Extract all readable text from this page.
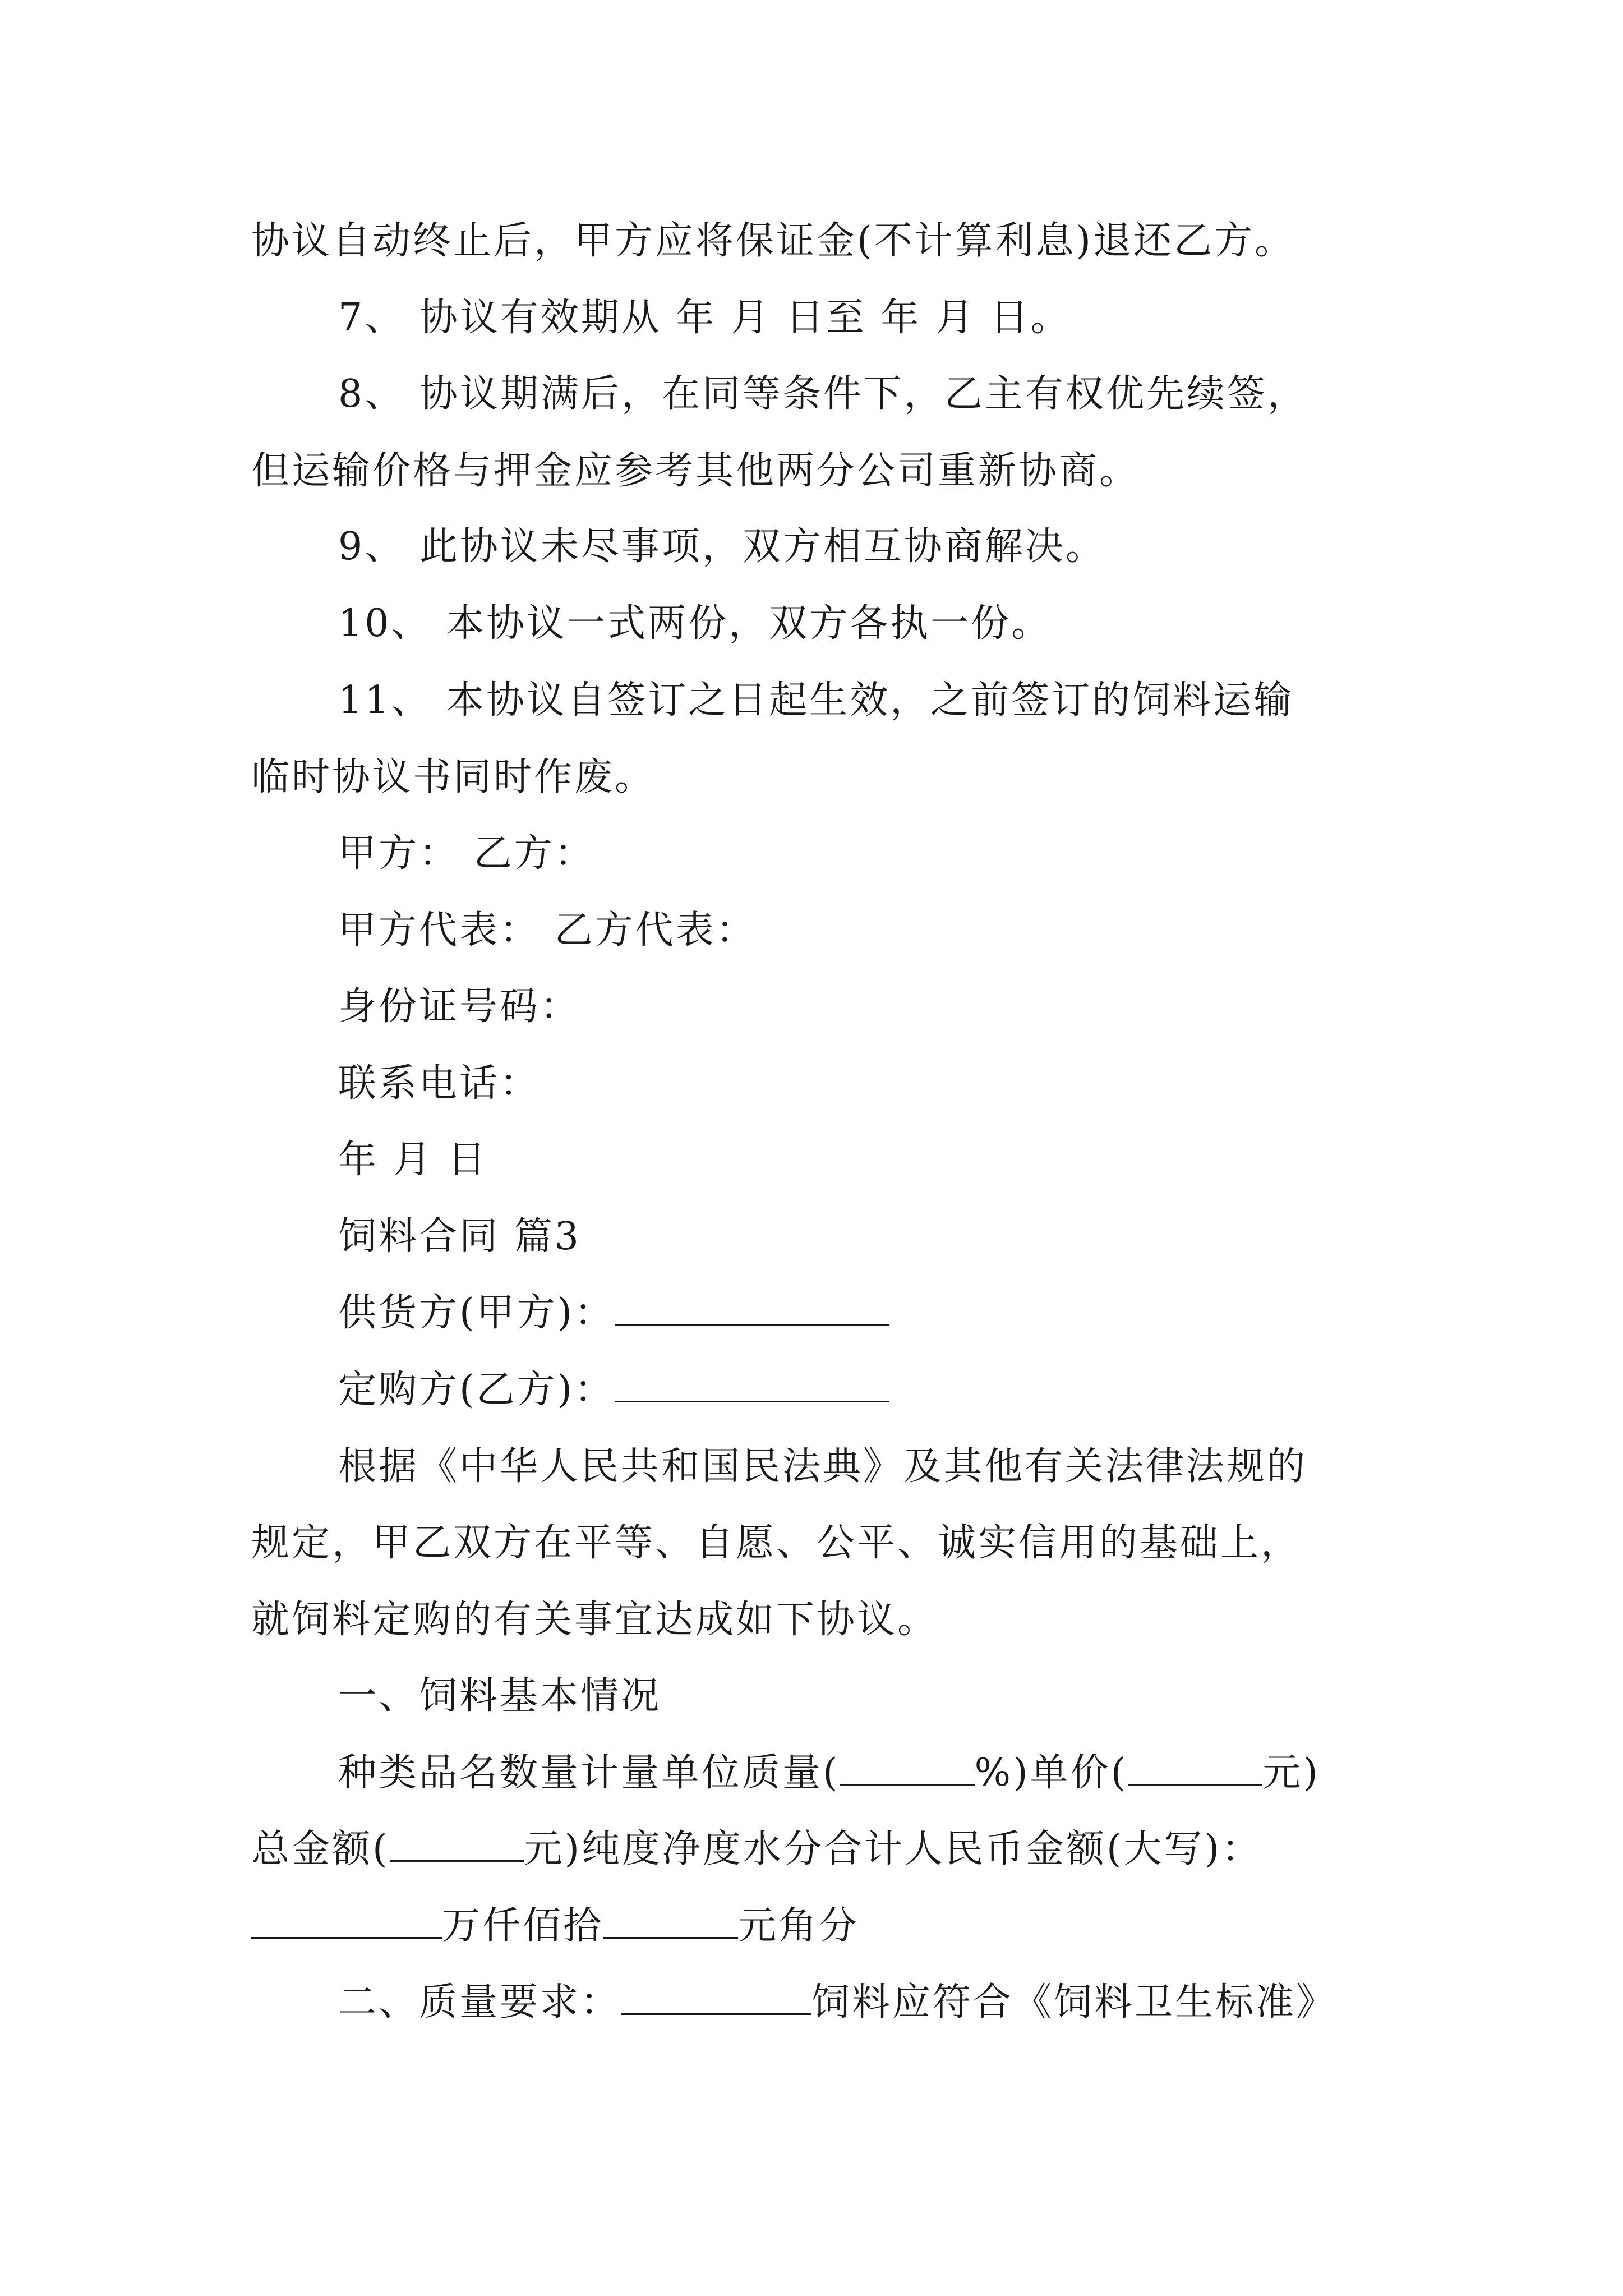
协议自动终止后，甲方应将保证金(不计算利息)退还乙方。
7、 协议有效期从 年 月 日至 年 月 日。
8、 协议期满后，在同等条件下，乙主有权优先续签，
但运输价格与押金应参考其他两分公司重新协商。
9、 此协议未尽事项，双方相互协商解决。
10、 本协议一式两份，双方各执一份。
11、 本协议自签订之日起生效，之前签订的饲料运输
临时协议书同时作废。
甲方： 乙方：
甲方代表： 乙方代表：
身份证号码：
联系电话：
年 月 日
饲料合同 篇3
供货方(甲方)：
定购方(乙方)：
根据《中华人民共和国民法典》及其他有关法律法规的
规定，甲乙双方在平等、自愿、公平、诚实信用的基础上，
就饲料定购的有关事宜达成如下协议。
一、饲料基本情况
种类品名数量计量单位质量(	%)单价(	元)
总金额(	元)纯度净度水分合计人民币金额(大写)：
万仟佰拾	元角分
二、质量要求：	饲料应符合《饲料卫生标准》
